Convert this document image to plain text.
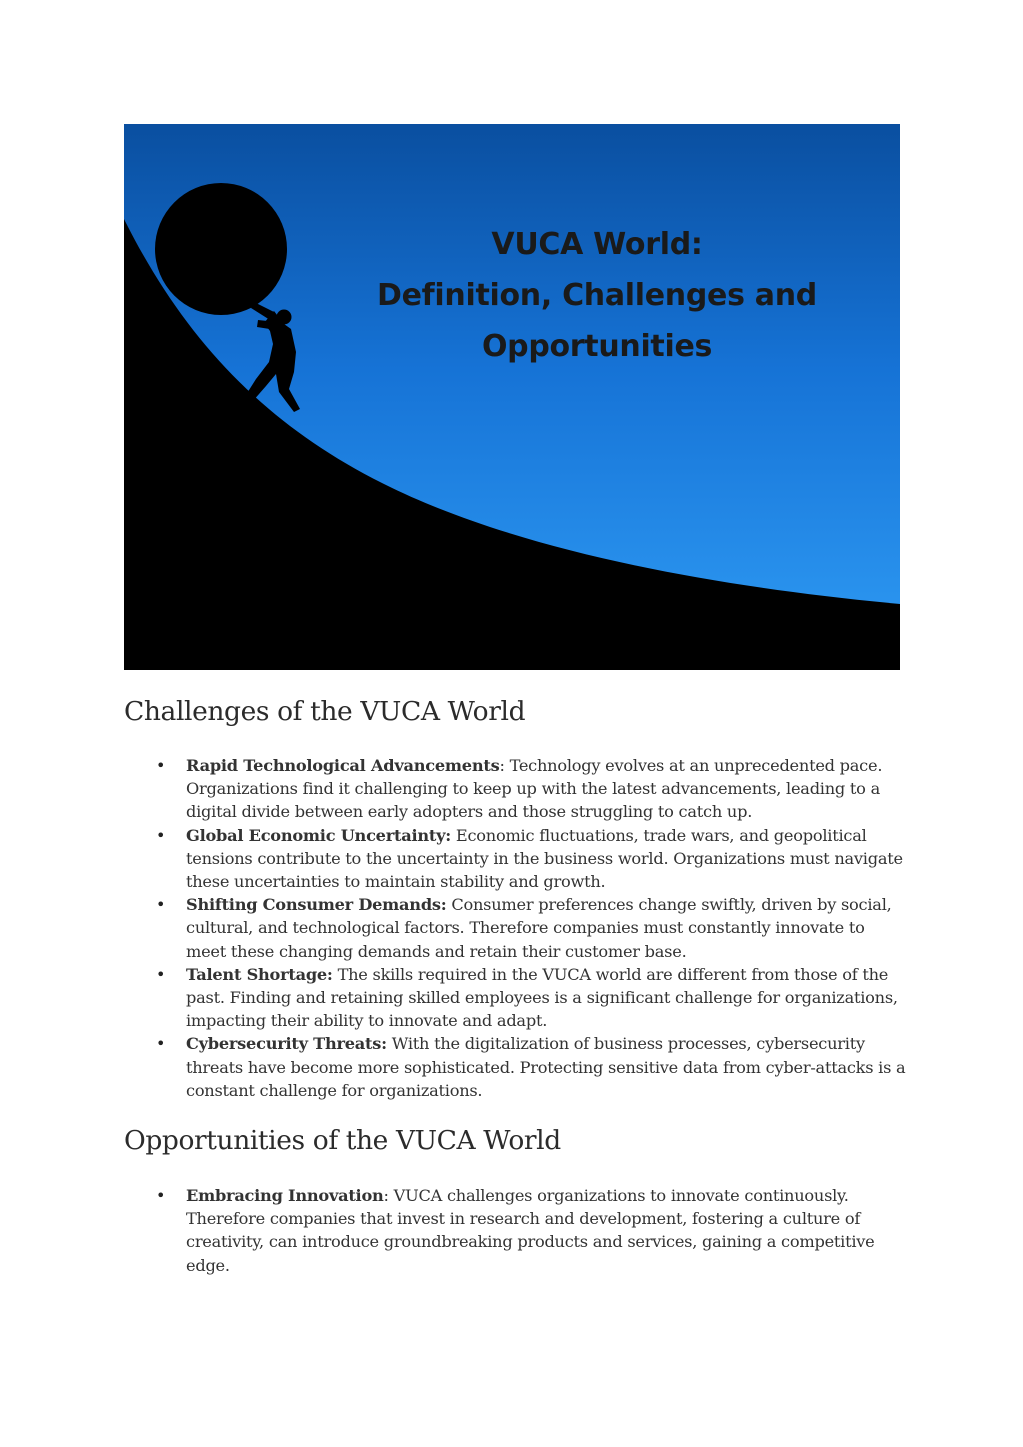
VUCA World:
Definition, Challenges and
Opportunities
Challenges of the VUCA World
• Rapid Technological Advancements: Technology evolves at an unprecedented pace. Organizations find it challenging to keep up with the latest advancements, leading to a digital divide between early adopters and those struggling to catch up.
• Global Economic Uncertainty: Economic fluctuations, trade wars, and geopolitical tensions contribute to the uncertainty in the business world. Organizations must navigate these uncertainties to maintain stability and growth.
• Shifting Consumer Demands: Consumer preferences change swiftly, driven by social, cultural, and technological factors. Therefore companies must constantly innovate to meet these changing demands and retain their customer base.
• Talent Shortage: The skills required in the VUCA world are different from those of the past. Finding and retaining skilled employees is a significant challenge for organizations, impacting their ability to innovate and adapt.
• Cybersecurity Threats: With the digitalization of business processes, cybersecurity threats have become more sophisticated. Protecting sensitive data from cyber-attacks is a constant challenge for organizations.
Opportunities of the VUCA World
• Embracing Innovation: VUCA challenges organizations to innovate continuously. Therefore companies that invest in research and development, fostering a culture of creativity, can introduce groundbreaking products and services, gaining a competitive edge.
